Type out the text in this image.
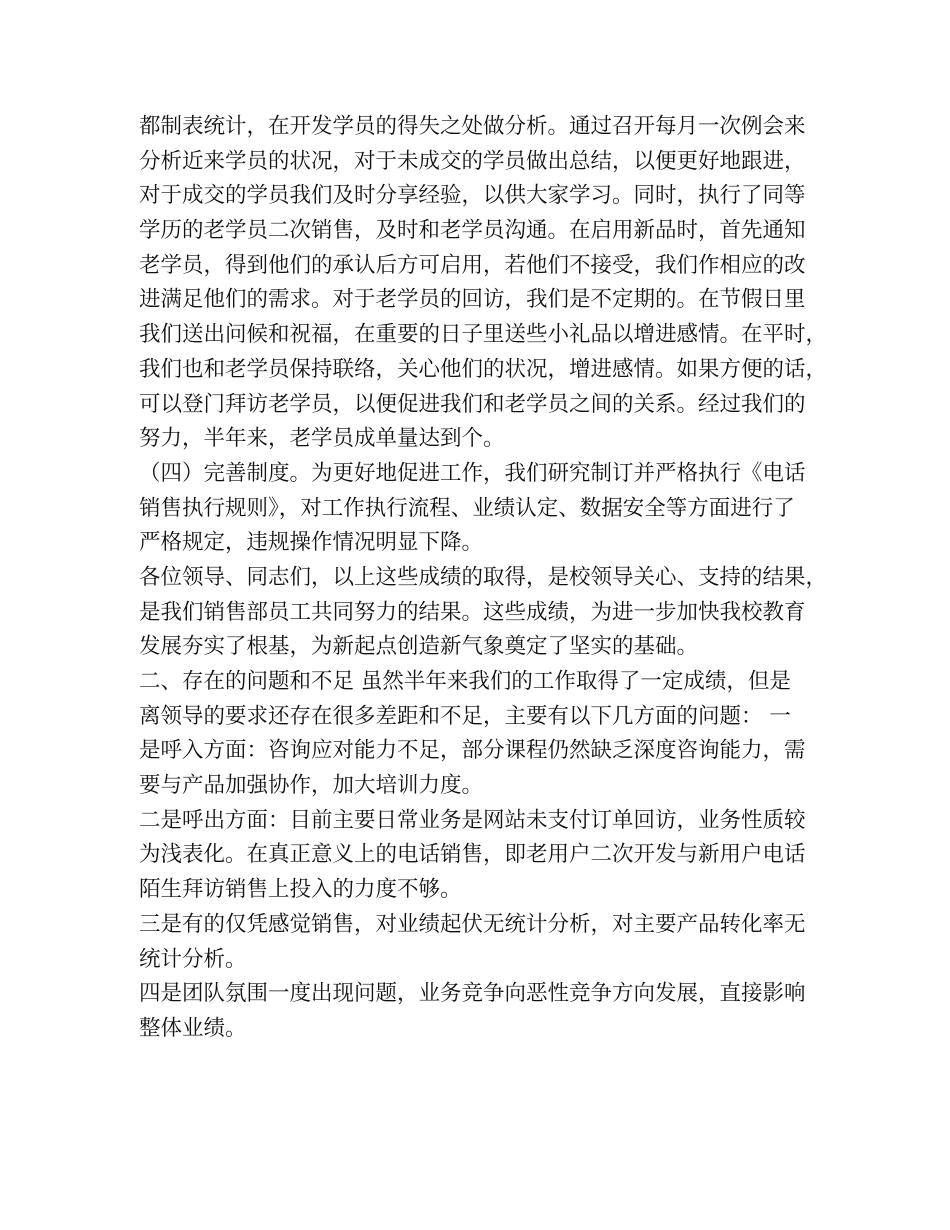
都制表统计，在开发学员的得失之处做分析。通过召开每月一次例会来
分析近来学员的状况，对于未成交的学员做出总结，以便更好地跟进，
对于成交的学员我们及时分享经验，以供大家学习。同时，执行了同等
学历的老学员二次销售，及时和老学员沟通。在启用新品时，首先通知
老学员，得到他们的承认后方可启用，若他们不接受，我们作相应的改
进满足他们的需求。对于老学员的回访，我们是不定期的。在节假日里
我们送出问候和祝福，在重要的日子里送些小礼品以增进感情。在平时，
我们也和老学员保持联络，关心他们的状况，增进感情。如果方便的话，
可以登门拜访老学员，以便促进我们和老学员之间的关系。经过我们的
努力，半年来，老学员成单量达到个。
（四）完善制度。为更好地促进工作，我们研究制订并严格执行《电话
销售执行规则》，对工作执行流程、业绩认定、数据安全等方面进行了
严格规定，违规操作情况明显下降。
各位领导、同志们，以上这些成绩的取得，是校领导关心、支持的结果，
是我们销售部员工共同努力的结果。这些成绩，为进一步加快我校教育
发展夯实了根基，为新起点创造新气象奠定了坚实的基础。
二、存在的问题和不足 虽然半年来我们的工作取得了一定成绩，但是
离领导的要求还存在很多差距和不足，主要有以下几方面的问题： 一
是呼入方面：咨询应对能力不足，部分课程仍然缺乏深度咨询能力，需
要与产品加强协作，加大培训力度。
二是呼出方面：目前主要日常业务是网站未支付订单回访，业务性质较
为浅表化。在真正意义上的电话销售，即老用户二次开发与新用户电话
陌生拜访销售上投入的力度不够。
三是有的仅凭感觉销售，对业绩起伏无统计分析，对主要产品转化率无
统计分析。
四是团队氛围一度出现问题，业务竞争向恶性竞争方向发展，直接影响
整体业绩。
